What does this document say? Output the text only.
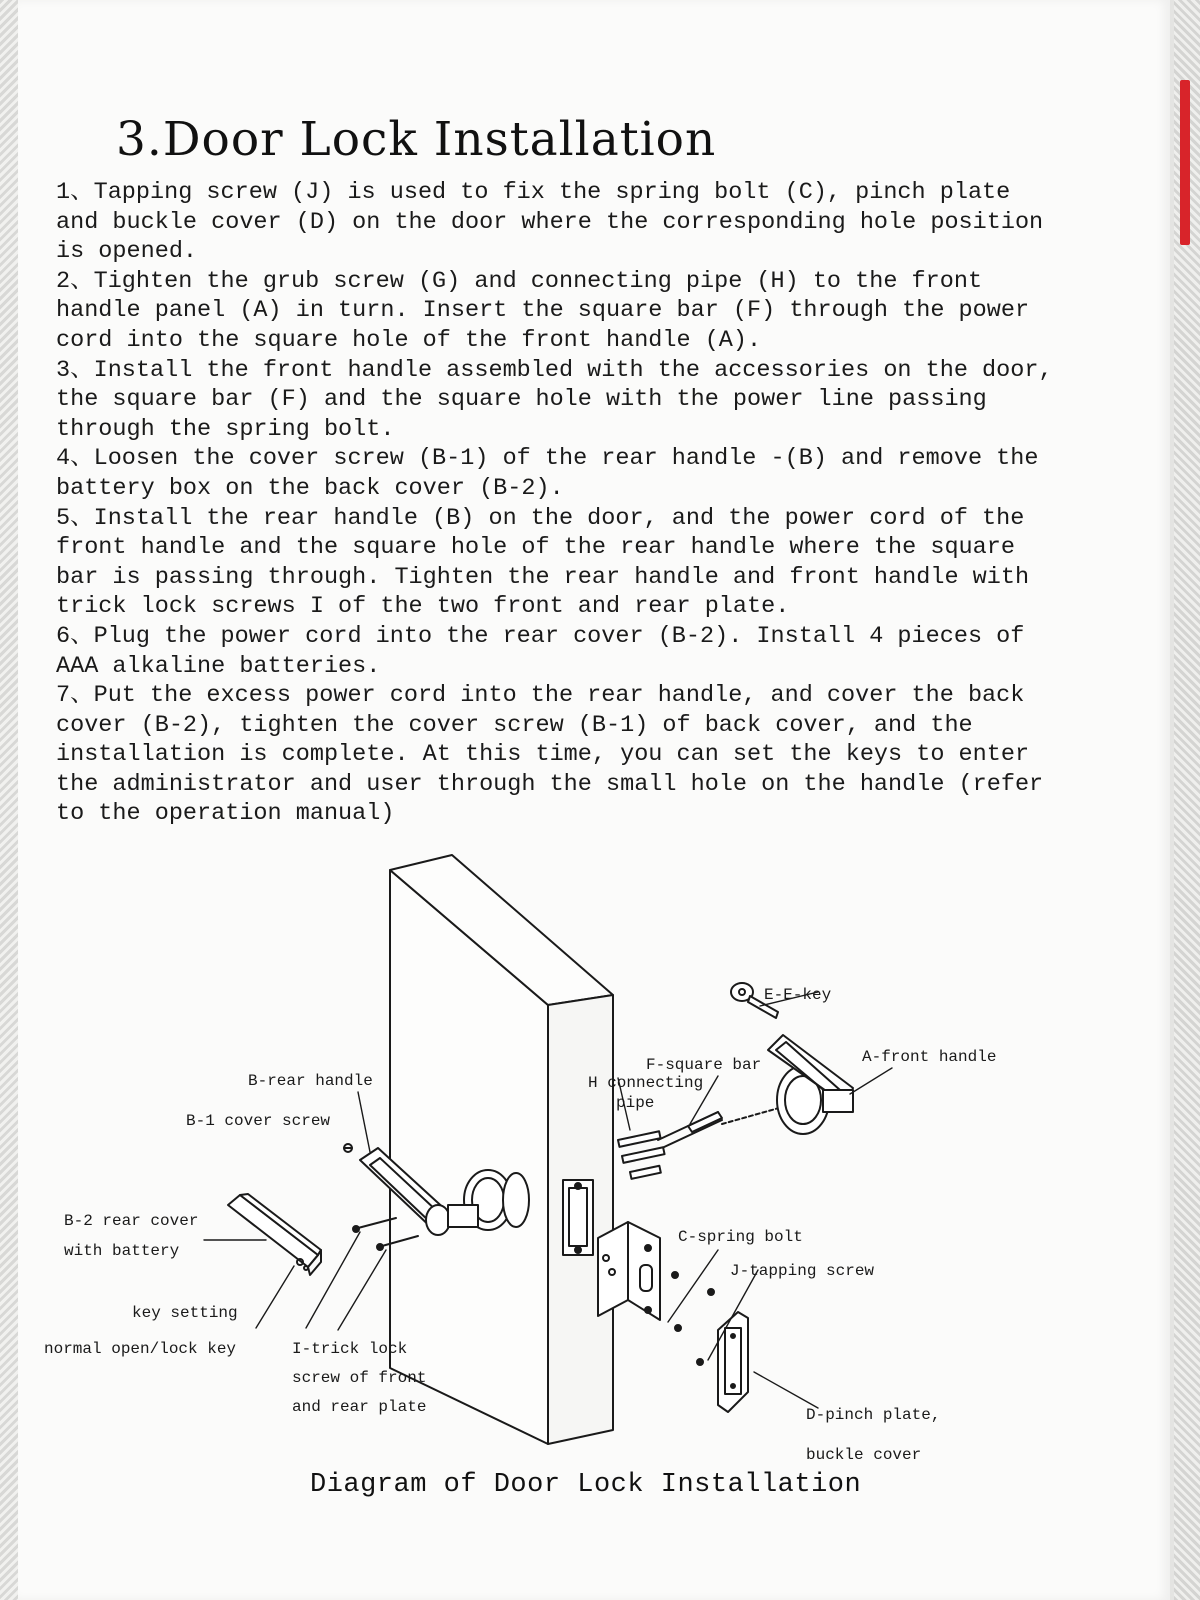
3.Door Lock Installation

1、Tapping screw (J) is used to fix the spring bolt (C), pinch plate and buckle cover (D) on the door where the corresponding hole position is opened.

2、Tighten the grub screw (G) and connecting pipe (H) to the front handle panel (A) in turn. Insert the square bar (F) through the power cord into the square hole of the front handle (A).

3、Install the front handle assembled with the accessories on the door, the square bar (F) and the square hole with the power line passing through the spring bolt.

4、Loosen the cover screw (B-1) of the rear handle -(B) and remove the battery box on the back cover (B-2).

5、Install the rear handle (B) on the door, and the power cord of the front handle and the square hole of the rear handle where the square bar is passing through. Tighten the rear handle and front handle with trick lock screws I of the two front and rear plate.

6、Plug the power cord into the rear cover (B-2). Install 4 pieces of AAA alkaline batteries.

7、Put the excess power cord into the rear handle, and cover the back cover (B-2), tighten the cover screw (B-1) of back cover, and the installation is complete. At this time, you can set the keys to enter the administrator and user through the small hole on the handle (refer to the operation manual)

B-rear handle
B-1 cover screw
B-2 rear cover
with battery
key setting
normal open/lock key	I-trick lock
screw of front
and rear plate
H connecting
pipe
F-square bar
E-E-key
A-front handle
C-spring bolt
J-tapping screw
D-pinch plate,
buckle cover

Diagram of Door Lock Installation
